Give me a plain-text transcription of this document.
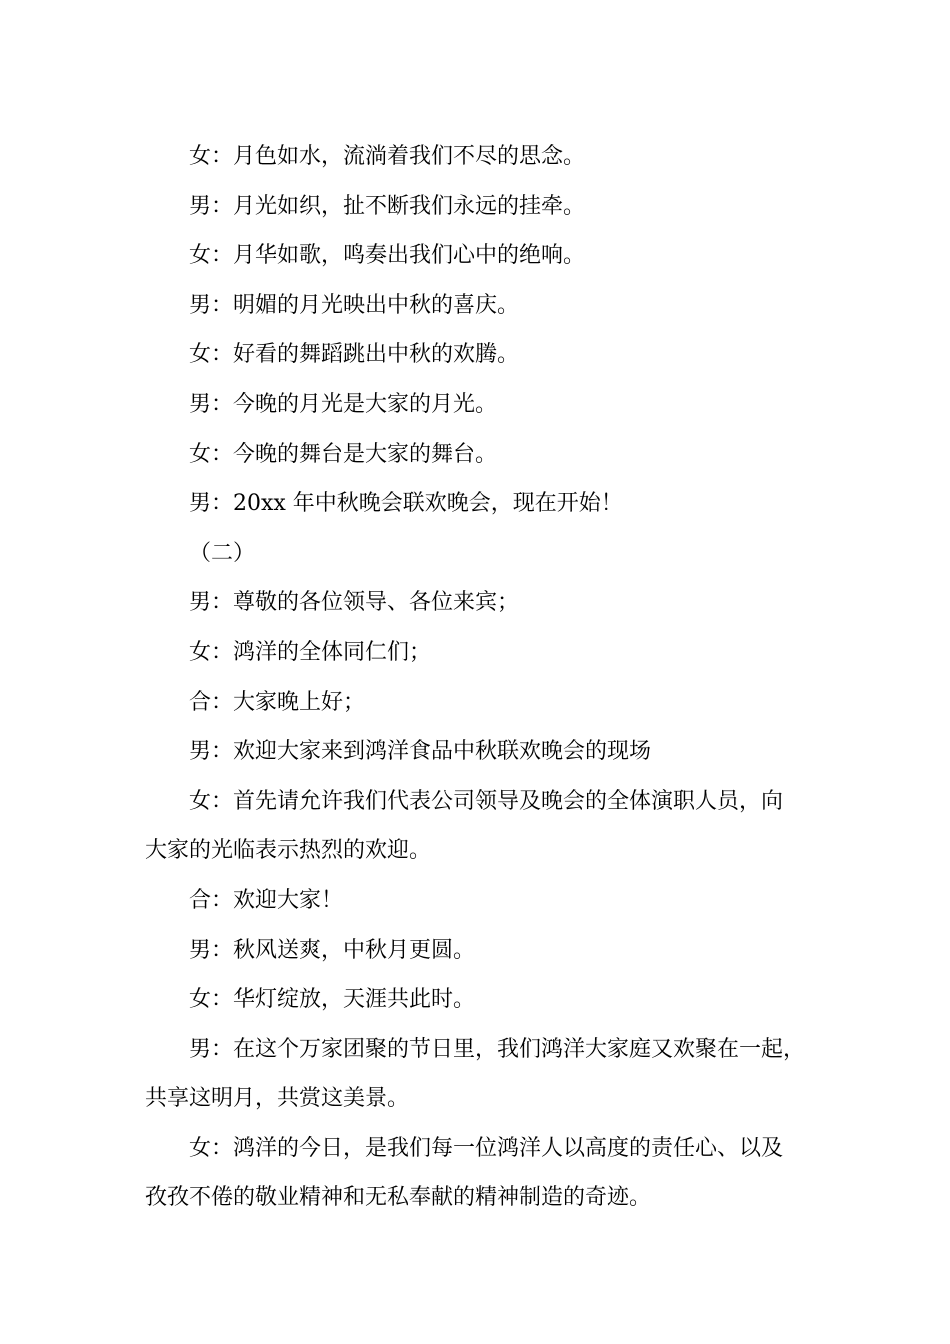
女：月色如水，流淌着我们不尽的思念。
男：月光如织，扯不断我们永远的挂牵。
女：月华如歌，鸣奏出我们心中的绝响。
男：明媚的月光映出中秋的喜庆。
女：好看的舞蹈跳出中秋的欢腾。
男：今晚的月光是大家的月光。
女：今晚的舞台是大家的舞台。
男：20xx 年中秋晚会联欢晚会，现在开始！
（二）
男：尊敬的各位领导、各位来宾；
女：鸿洋的全体同仁们；
合：大家晚上好；
男：欢迎大家来到鸿洋食品中秋联欢晚会的现场
女：首先请允许我们代表公司领导及晚会的全体演职人员，向
大家的光临表示热烈的欢迎。
合：欢迎大家！
男：秋风送爽，中秋月更圆。
女：华灯绽放，天涯共此时。
男：在这个万家团聚的节日里，我们鸿洋大家庭又欢聚在一起，
共享这明月，共赏这美景。
女：鸿洋的今日，是我们每一位鸿洋人以高度的责任心、以及
孜孜不倦的敬业精神和无私奉献的精神制造的奇迹。
